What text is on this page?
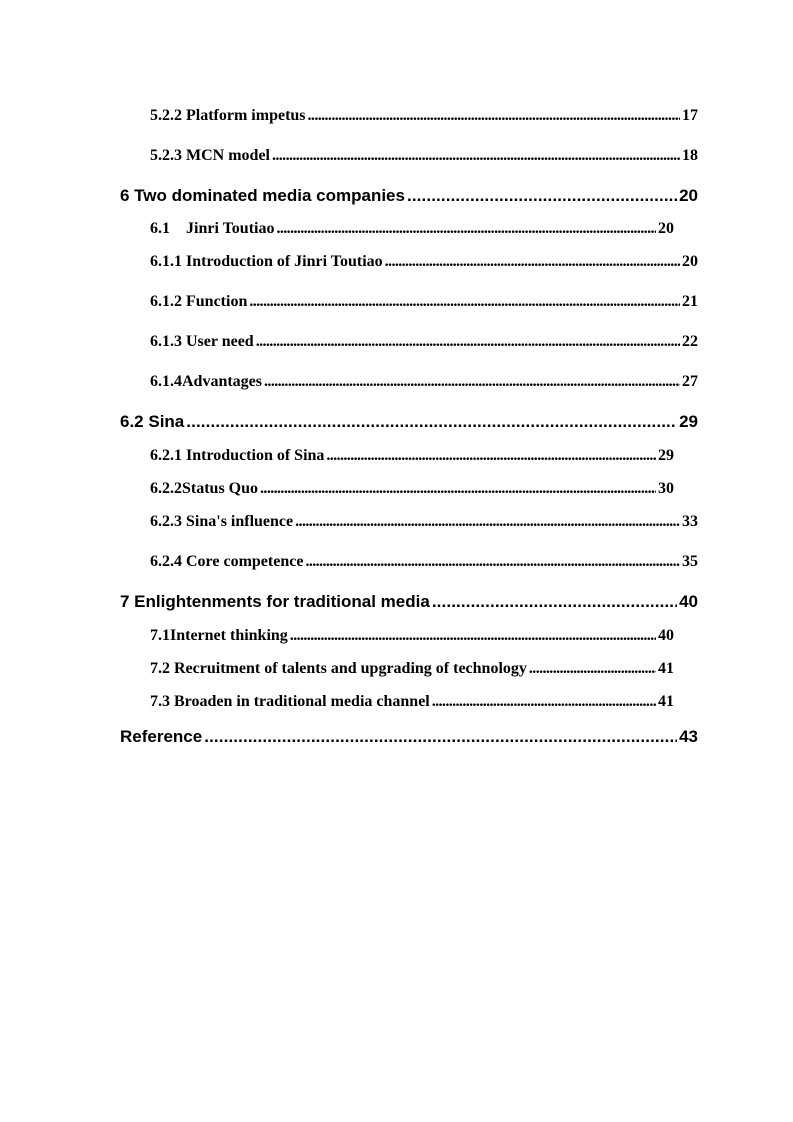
5.2.2 Platform impetus . . .	17
5.2.3 MCN model . . .	18
6 Two dominated media companies . . .	20
6.1    Jinri Toutiao . . .	20
6.1.1 Introduction of Jinri Toutiao . . .	20
6.1.2 Function . . .	21
6.1.3 User need . . .	22
6.1.4Advantages . . .	27
6.2 Sina . . .	29
6.2.1 Introduction of Sina . . .	29
6.2.2Status Quo . . .	30
6.2.3 Sina's influence . . .	33
6.2.4 Core competence . . .	35
7 Enlightenments for traditional media . . .	40
7.1Internet thinking . . .	40
7.2 Recruitment of talents and upgrading of technology . . .	41
7.3 Broaden in traditional media channel . . .	41
Reference . . .	43
